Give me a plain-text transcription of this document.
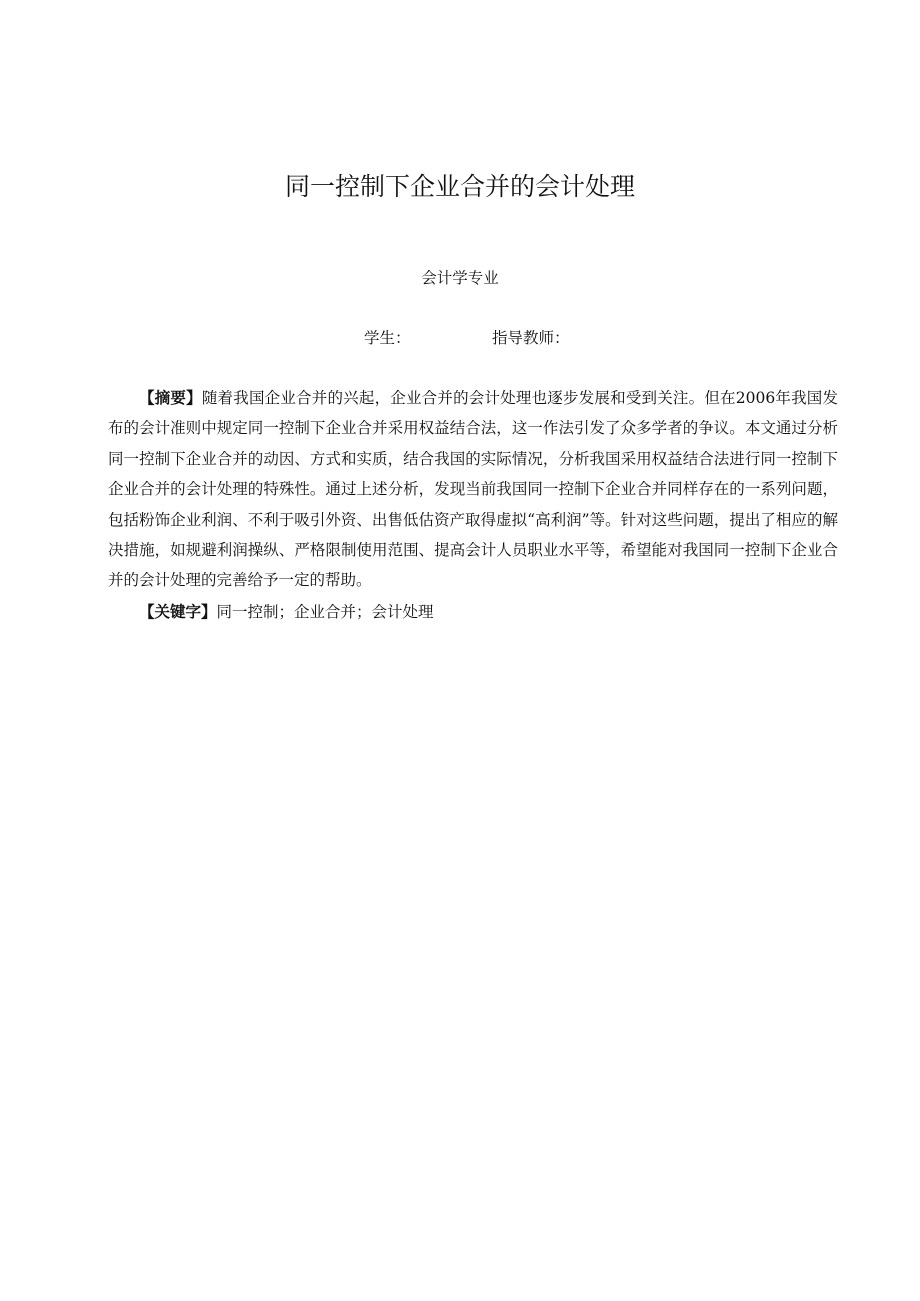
同一控制下企业合并的会计处理
会计学专业
学生：	指导教师：

【摘要】随着我国企业合并的兴起，企业合并的会计处理也逐步发展和受到关注。但在2006年我国发布的会计准则中规定同一控制下企业合并采用权益结合法，这一作法引发了众多学者的争议。本文通过分析同一控制下企业合并的动因、方式和实质，结合我国的实际情况，分析我国采用权益结合法进行同一控制下企业合并的会计处理的特殊性。通过上述分析，发现当前我国同一控制下企业合并同样存在的一系列问题，包括粉饰企业利润、不利于吸引外资、出售低估资产取得虚拟“高利润”等。针对这些问题，提出了相应的解决措施，如规避利润操纵、严格限制使用范围、提高会计人员职业水平等，希望能对我国同一控制下企业合并的会计处理的完善给予一定的帮助。

【关键字】同一控制；企业合并；会计处理
